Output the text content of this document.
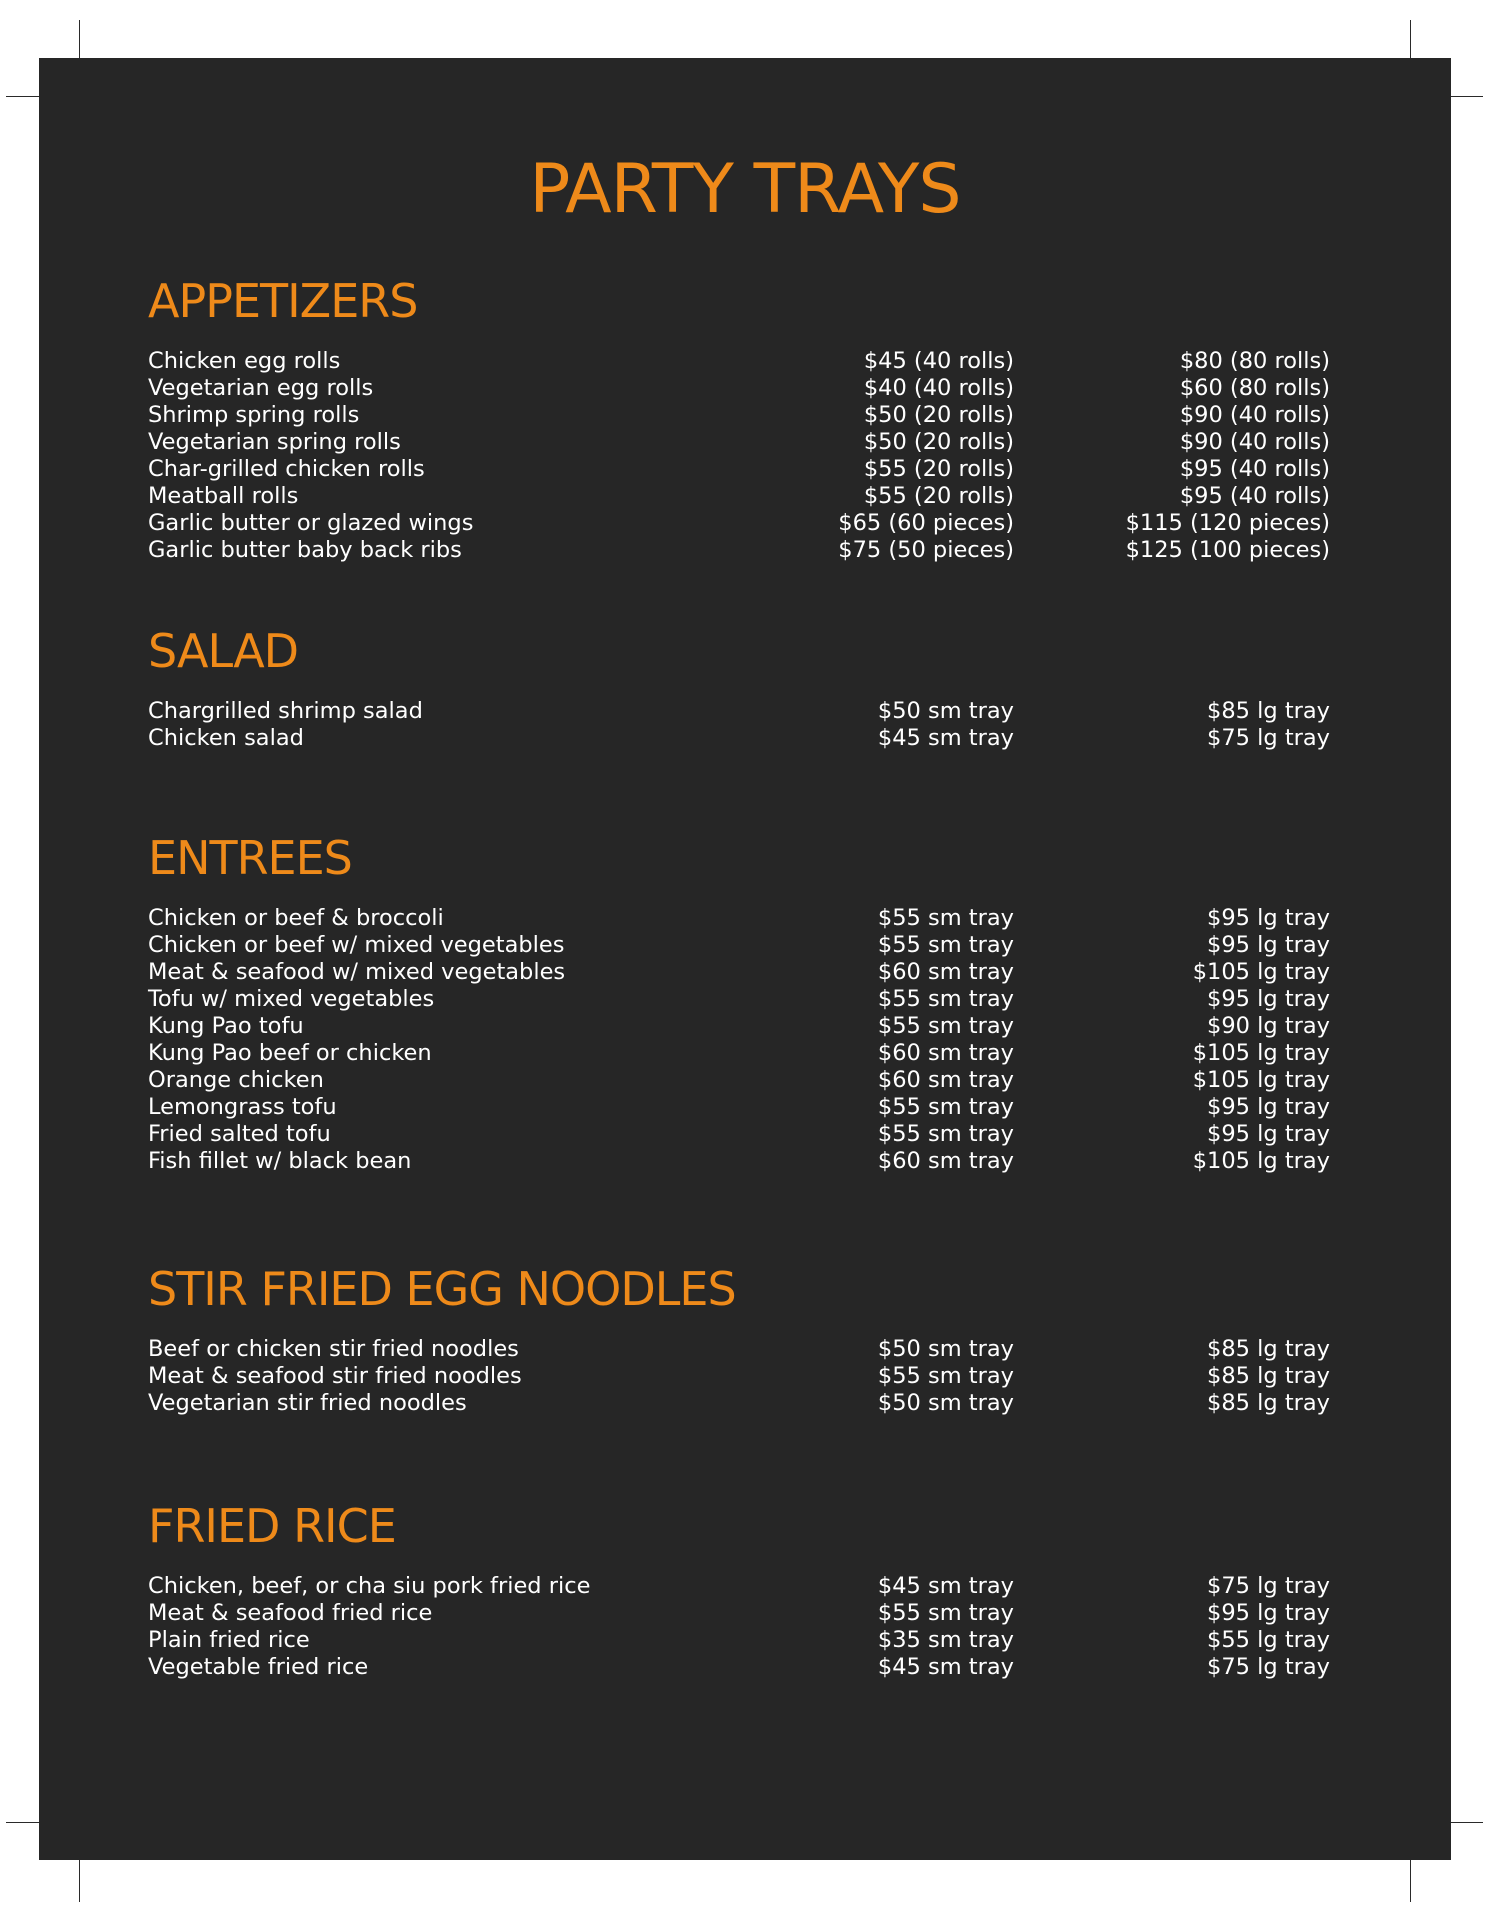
PARTY TRAYS
APPETIZERS
Chicken egg rolls	$45 (40 rolls)	$80 (80 rolls)
Vegetarian egg rolls	$40 (40 rolls)	$60 (80 rolls)
Shrimp spring rolls	$50 (20 rolls)	$90 (40 rolls)
Vegetarian spring rolls	$50 (20 rolls)	$90 (40 rolls)
Char-grilled chicken rolls	$55 (20 rolls)	$95 (40 rolls)
Meatball rolls	$55 (20 rolls)	$95 (40 rolls)
Garlic butter or glazed wings	$65 (60 pieces)	$115 (120 pieces)
Garlic butter baby back ribs	$75 (50 pieces)	$125 (100 pieces)
SALAD
Chargrilled shrimp salad	$50 sm tray	$85 lg tray
Chicken salad	$45 sm tray	$75 lg tray
ENTREES
Chicken or beef & broccoli	$55 sm tray	$95 lg tray
Chicken or beef w/ mixed vegetables	$55 sm tray	$95 lg tray
Meat & seafood w/ mixed vegetables	$60 sm tray	$105 lg tray
Tofu w/ mixed vegetables	$55 sm tray	$95 lg tray
Kung Pao tofu	$55 sm tray	$90 lg tray
Kung Pao beef or chicken	$60 sm tray	$105 lg tray
Orange chicken	$60 sm tray	$105 lg tray
Lemongrass tofu	$55 sm tray	$95 lg tray
Fried salted tofu	$55 sm tray	$95 lg tray
Fish fillet w/ black bean	$60 sm tray	$105 lg tray
STIR FRIED EGG NOODLES
Beef or chicken stir fried noodles	$50 sm tray	$85 lg tray
Meat & seafood stir fried noodles	$55 sm tray	$85 lg tray
Vegetarian stir fried noodles	$50 sm tray	$85 lg tray
FRIED RICE
Chicken, beef, or cha siu pork fried rice	$45 sm tray	$75 lg tray
Meat & seafood fried rice	$55 sm tray	$95 lg tray
Plain fried rice	$35 sm tray	$55 lg tray
Vegetable fried rice	$45 sm tray	$75 lg tray
